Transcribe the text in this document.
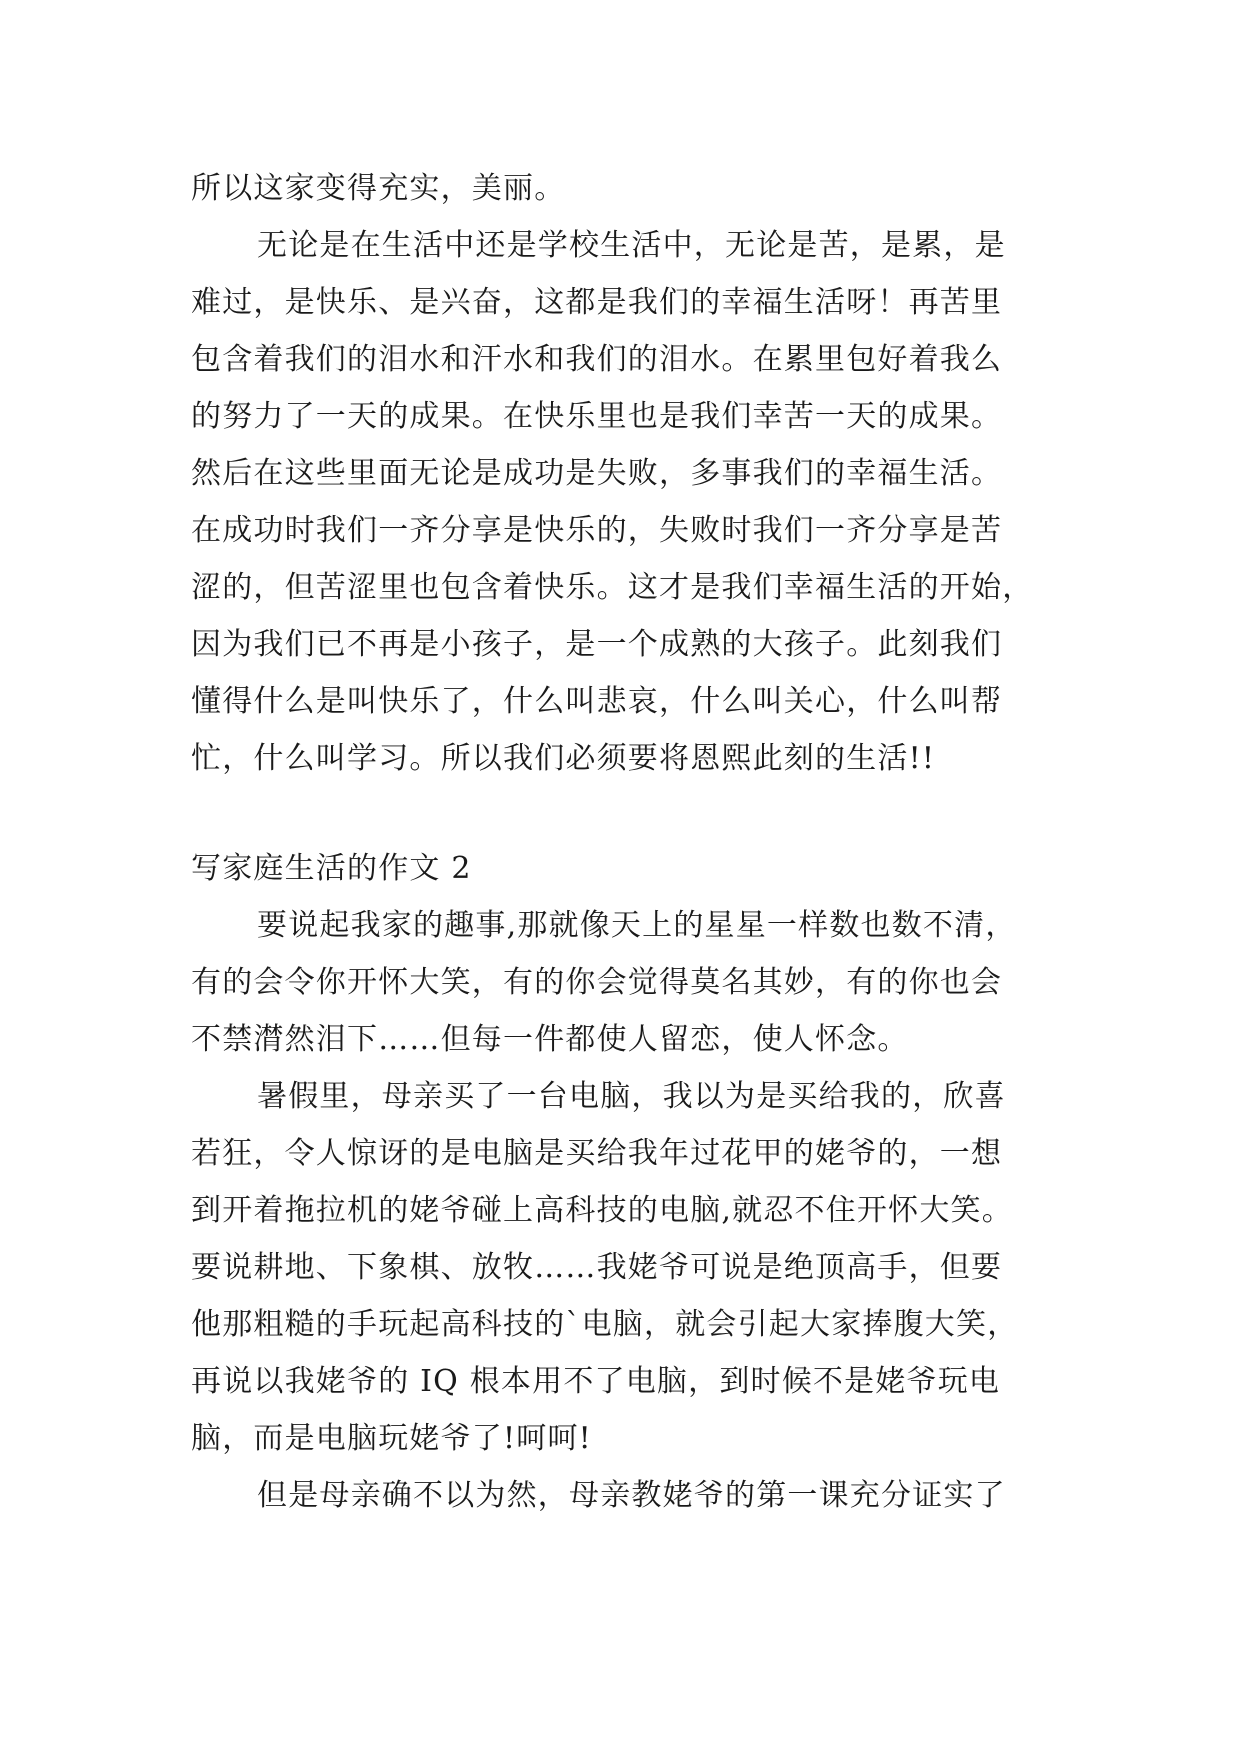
所以这家变得充实，美丽。
无论是在生活中还是学校生活中，无论是苦，是累，是
难过，是快乐、是兴奋，这都是我们的幸福生活呀！再苦里
包含着我们的泪水和汗水和我们的泪水。在累里包好着我么
的努力了一天的成果。在快乐里也是我们幸苦一天的成果。
然后在这些里面无论是成功是失败，多事我们的幸福生活。
在成功时我们一齐分享是快乐的，失败时我们一齐分享是苦
涩的，但苦涩里也包含着快乐。这才是我们幸福生活的开始，
因为我们已不再是小孩子，是一个成熟的大孩子。此刻我们
懂得什么是叫快乐了，什么叫悲哀，什么叫关心，什么叫帮
忙，什么叫学习。所以我们必须要将恩熙此刻的生活!!
写家庭生活的作文 2
要说起我家的趣事,那就像天上的星星一样数也数不清，
有的会令你开怀大笑，有的你会觉得莫名其妙，有的你也会
不禁潸然泪下……但每一件都使人留恋，使人怀念。
暑假里，母亲买了一台电脑，我以为是买给我的，欣喜
若狂，令人惊讶的是电脑是买给我年过花甲的姥爷的，一想
到开着拖拉机的姥爷碰上高科技的电脑,就忍不住开怀大笑。
要说耕地、下象棋、放牧……我姥爷可说是绝顶高手，但要
他那粗糙的手玩起高科技的`电脑，就会引起大家捧腹大笑，
再说以我姥爷的 IQ 根本用不了电脑，到时候不是姥爷玩电
脑，而是电脑玩姥爷了!呵呵!
但是母亲确不以为然，母亲教姥爷的第一课充分证实了
